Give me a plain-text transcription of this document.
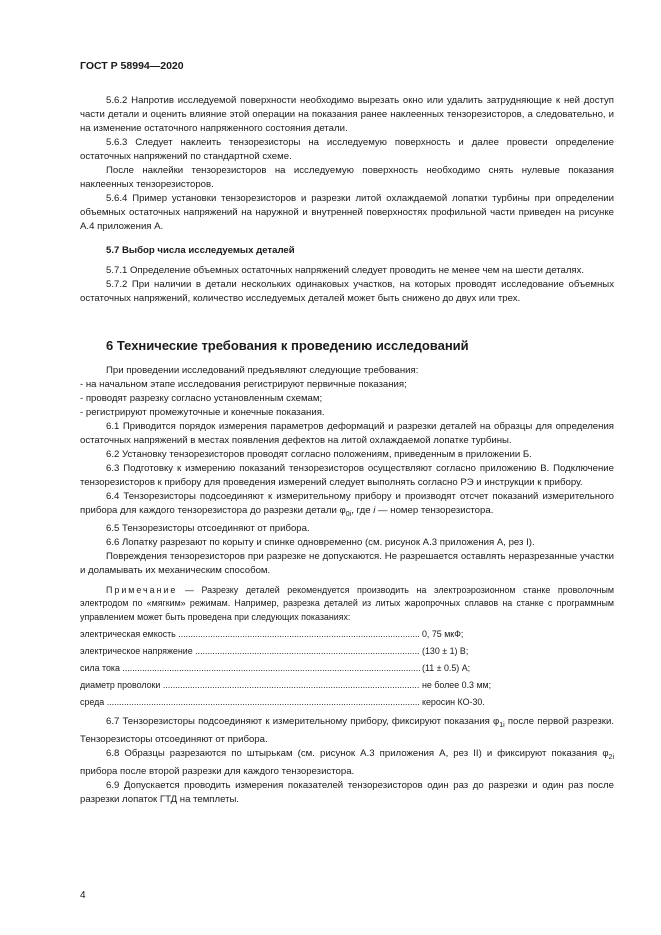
ГОСТ Р 58994—2020

5.6.2 Напротив исследуемой поверхности необходимо вырезать окно или удалить затрудняющие к ней доступ части детали и оценить влияние этой операции на показания ранее наклеенных тензорезисторов, а следовательно, и на изменение остаточного напряженного состояния детали.

5.6.3 Следует наклеить тензорезисторы на исследуемую поверхность и далее провести определение остаточных напряжений по стандартной схеме.

После наклейки тензорезисторов на исследуемую поверхность необходимо снять нулевые показания наклеенных тензорезисторов.

5.6.4 Пример установки тензорезисторов и разрезки литой охлаждаемой лопатки турбины при определении объемных остаточных напряжений на наружной и внутренней поверхностях профильной части приведен на рисунке А.4 приложения А.

5.7 Выбор числа исследуемых деталей

5.7.1 Определение объемных остаточных напряжений следует проводить не менее чем на шести деталях.

5.7.2 При наличии в детали нескольких одинаковых участков, на которых проводят исследование объемных остаточных напряжений, количество исследуемых деталей может быть снижено до двух или трех.

6 Технические требования к проведению исследований

При проведении исследований предъявляют следующие требования:

- на начальном этапе исследования регистрируют первичные показания;

- проводят разрезку согласно установленным схемам;

- регистрируют промежуточные и конечные показания.

6.1 Приводится порядок измерения параметров деформаций и разрезки деталей на образцы для определения остаточных напряжений в местах появления дефектов на литой охлаждаемой лопатке турбины.

6.2 Установку тензорезисторов проводят согласно положениям, приведенным в приложении Б.

6.3 Подготовку к измерению показаний тензорезисторов осуществляют согласно приложению В. Подключение тензорезисторов к прибору для проведения измерений следует выполнять согласно РЭ и инструкции к прибору.

6.4 Тензорезисторы подсоединяют к измерительному прибору и производят отсчет показаний измерительного прибора для каждого тензорезистора до разрезки детали $\varphi_{0i}$, где i — номер тензорезистора.

6.5 Тензорезисторы отсоединяют от прибора.

6.6 Лопатку разрезают по корыту и спинке одновременно (см. рисунок А.3 приложения А, рез I).

Повреждения тензорезисторов при разрезке не допускаются. Не разрешается оставлять неразрезанные участки и доламывать их механическим способом.

Примечание — Разрезку деталей рекомендуется производить на электроэрозионном станке проволочным электродом по «мягким» режимам. Например, разрезка деталей из литых жаропрочных сплавов на станке с программным управлением может быть проведена при следующих показаниях:

электрическая емкость .....	0, 75 мкФ;
электрическое напряжение .....	(130 ± 1) В;
сила тока .....	(11 ± 0.5) А;
диаметр проволоки .....	не более 0.3 мм;
среда .....	керосин КО-30.

6.7 Тензорезисторы подсоединяют к измерительному прибору, фиксируют показания $\varphi_{1i}$ после первой разрезки. Тензорезисторы отсоединяют от прибора.

6.8 Образцы разрезаются по штырькам (см. рисунок А.3 приложения А, рез II) и фиксируют показания $\varphi_{2i}$ прибора после второй разрезки для каждого тензорезистора.

6.9 Допускается проводить измерения показателей тензорезисторов один раз до разрезки и один раз после разрезки лопаток ГТД на темплеты.

4
